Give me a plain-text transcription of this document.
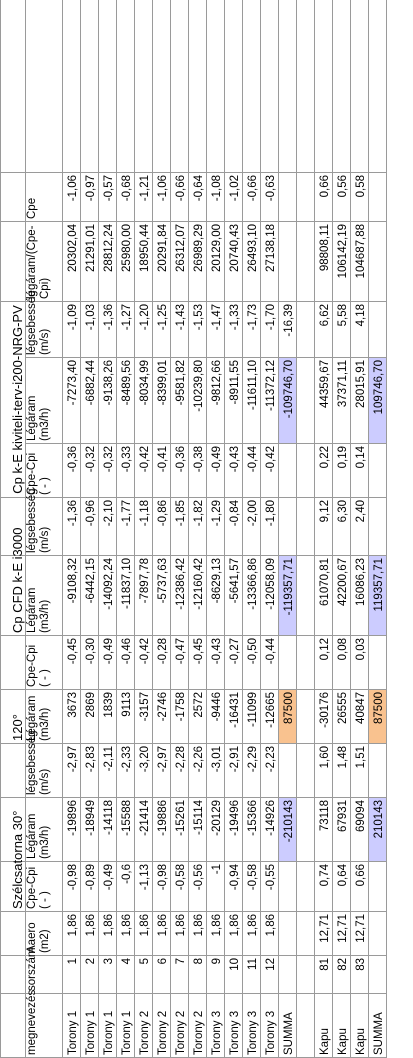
			Szélcsatorna 30°			120°		Cp CFD k-E i3000		Cp k-E kiviteli-terv-i200-NRG-PV					
megnevezés	sorszám	Aaero (m2)	Cpe-Cpi ( - )	Légáram (m3/h)	légsebesség (m/s)	Légáram (m3/h)	Cpe-Cpi ( - )	Légáram (m3/h)	légsebesség (m/s)	Cpe-Cpi ( - )	Légáram (m3/h)	légsebesség (m/s)	légáram/(Cpe-Cpi)	Cpe	
Torony 1	1	1,86	-0,98	-19896	-2,97	3673	-0,45	-9108,32	-1,36	-0,36	-7273,40	-1,09	20302,04	-1,06	
Torony 1	2	1,86	-0,89	-18949	-2,83	2869	-0,30	-6442,15	-0,96	-0,32	-6882,44	-1,03	21291,01	-0,97	
Torony 1	3	1,86	-0,49	-14118	-2,11	1839	-0,49	-14092,24	-2,10	-0,32	-9138,26	-1,36	28812,24	-0,57	
Torony 1	4	1,86	-0,6	-15588	-2,33	9113	-0,46	-11837,10	-1,77	-0,33	-8489,56	-1,27	25980,00	-0,68	
Torony 2	5	1,86	-1,13	-21414	-3,20	-3157	-0,42	-7897,78	-1,18	-0,42	-8034,99	-1,20	18950,44	-1,21	
Torony 2	6	1,86	-0,98	-19886	-2,97	-2746	-0,28	-5737,63	-0,86	-0,41	-8399,01	-1,25	20291,84	-1,06	
Torony 2	7	1,86	-0,58	-15261	-2,28	-1758	-0,47	-12386,42	-1,85	-0,36	-9581,82	-1,43	26312,07	-0,66	
Torony 2	8	1,86	-0,56	-15114	-2,26	2572	-0,45	-12160,42	-1,82	-0,38	-10239,80	-1,53	26989,29	-0,64	
Torony 3	9	1,86	-1	-20129	-3,01	-9446	-0,43	-8629,13	-1,29	-0,49	-9812,66	-1,47	20129,00	-1,08	
Torony 3	10	1,86	-0,94	-19496	-2,91	-16431	-0,27	-5641,57	-0,84	-0,43	-8911,55	-1,33	20740,43	-1,02	
Torony 3	11	1,86	-0,58	-15366	-2,29	-11099	-0,50	-13366,86	-2,00	-0,44	-11611,10	-1,73	26493,10	-0,66	
Torony 3	12	1,86	-0,55	-14926	-2,23	-12665	-0,44	-12058,09	-1,80	-0,42	-11372,12	-1,70	27138,18	-0,63	
SUMMA				-210143		87500		-119357,71			-109746,70	-16,39			

Kapu	81	12,71	0,74	73118	1,60	-30176	0,12	61070,81	9,12	0,22	44359,67	6,62	98808,11	0,66	
Kapu	82	12,71	0,64	67931	1,48	26555	0,08	42200,67	6,30	0,19	37371,11	5,58	106142,19	0,56	
Kapu	83	12,71	0,66	69094	1,51	40847	0,03	16086,23	2,40	0,14	28015,91	4,18	104687,88	0,58	
SUMMA				210143		87500		119357,71			109746,70				
